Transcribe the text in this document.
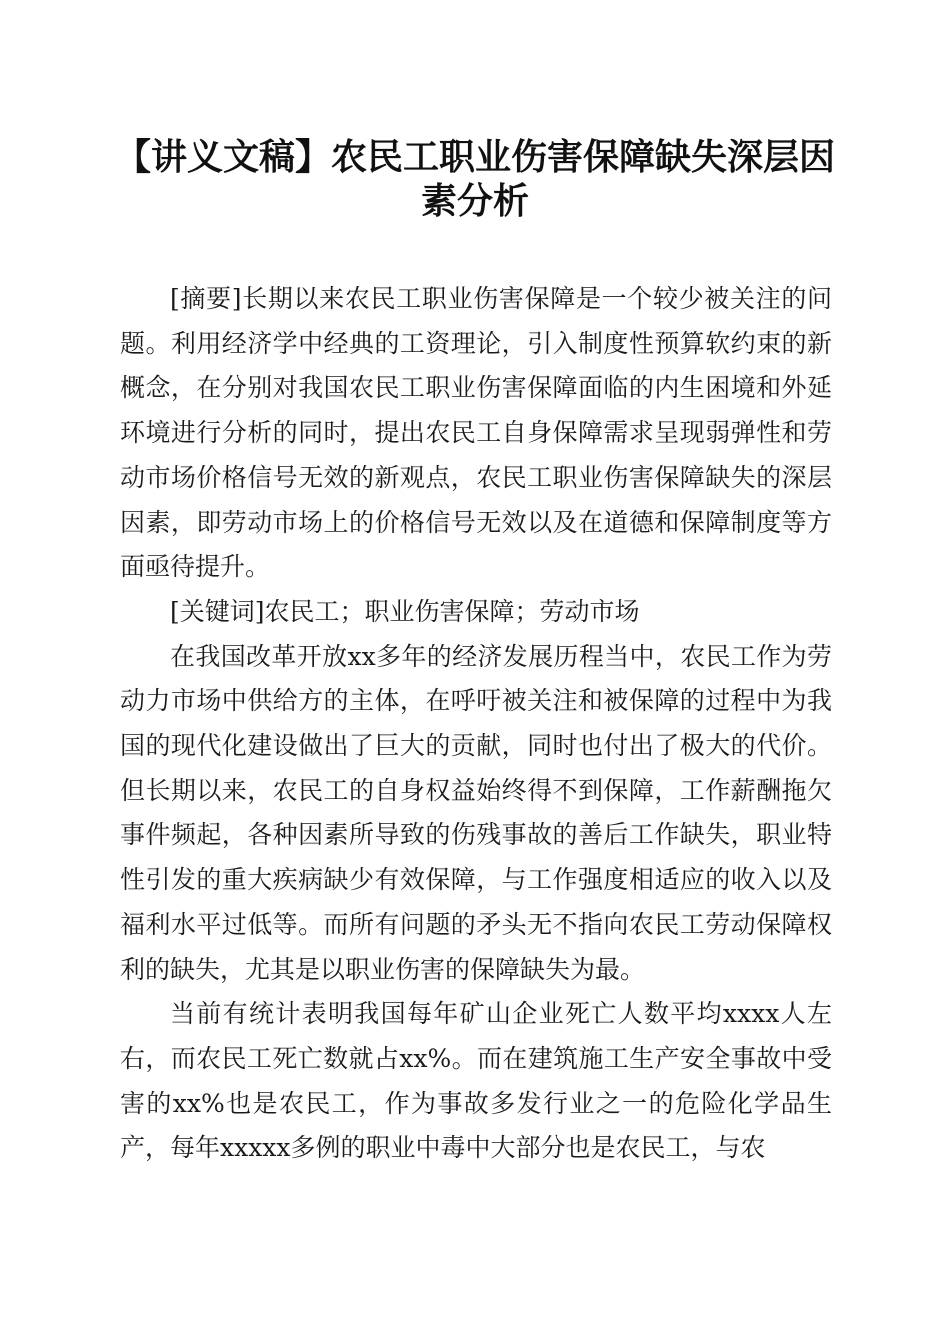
【讲义文稿】农民工职业伤害保障缺失深层因素分析

[摘要]长期以来农民工职业伤害保障是一个较少被关注的问题。利用经济学中经典的工资理论，引入制度性预算软约束的新概念，在分别对我国农民工职业伤害保障面临的内生困境和外延环境进行分析的同时，提出农民工自身保障需求呈现弱弹性和劳动市场价格信号无效的新观点，农民工职业伤害保障缺失的深层因素，即劳动市场上的价格信号无效以及在道德和保障制度等方面亟待提升。

[关键词]农民工；职业伤害保障；劳动市场

在我国改革开放xx多年的经济发展历程当中，农民工作为劳动力市场中供给方的主体，在呼吁被关注和被保障的过程中为我国的现代化建设做出了巨大的贡献，同时也付出了极大的代价。但长期以来，农民工的自身权益始终得不到保障，工作薪酬拖欠事件频起，各种因素所导致的伤残事故的善后工作缺失，职业特性引发的重大疾病缺少有效保障，与工作强度相适应的收入以及福利水平过低等。而所有问题的矛头无不指向农民工劳动保障权利的缺失，尤其是以职业伤害的保障缺失为最。

当前有统计表明我国每年矿山企业死亡人数平均xxxx人左右，而农民工死亡数就占xx%。而在建筑施工生产安全事故中受害的xx%也是农民工，作为事故多发行业之一的危险化学品生产，每年xxxxx多例的职业中毒中大部分也是农民工，与农
